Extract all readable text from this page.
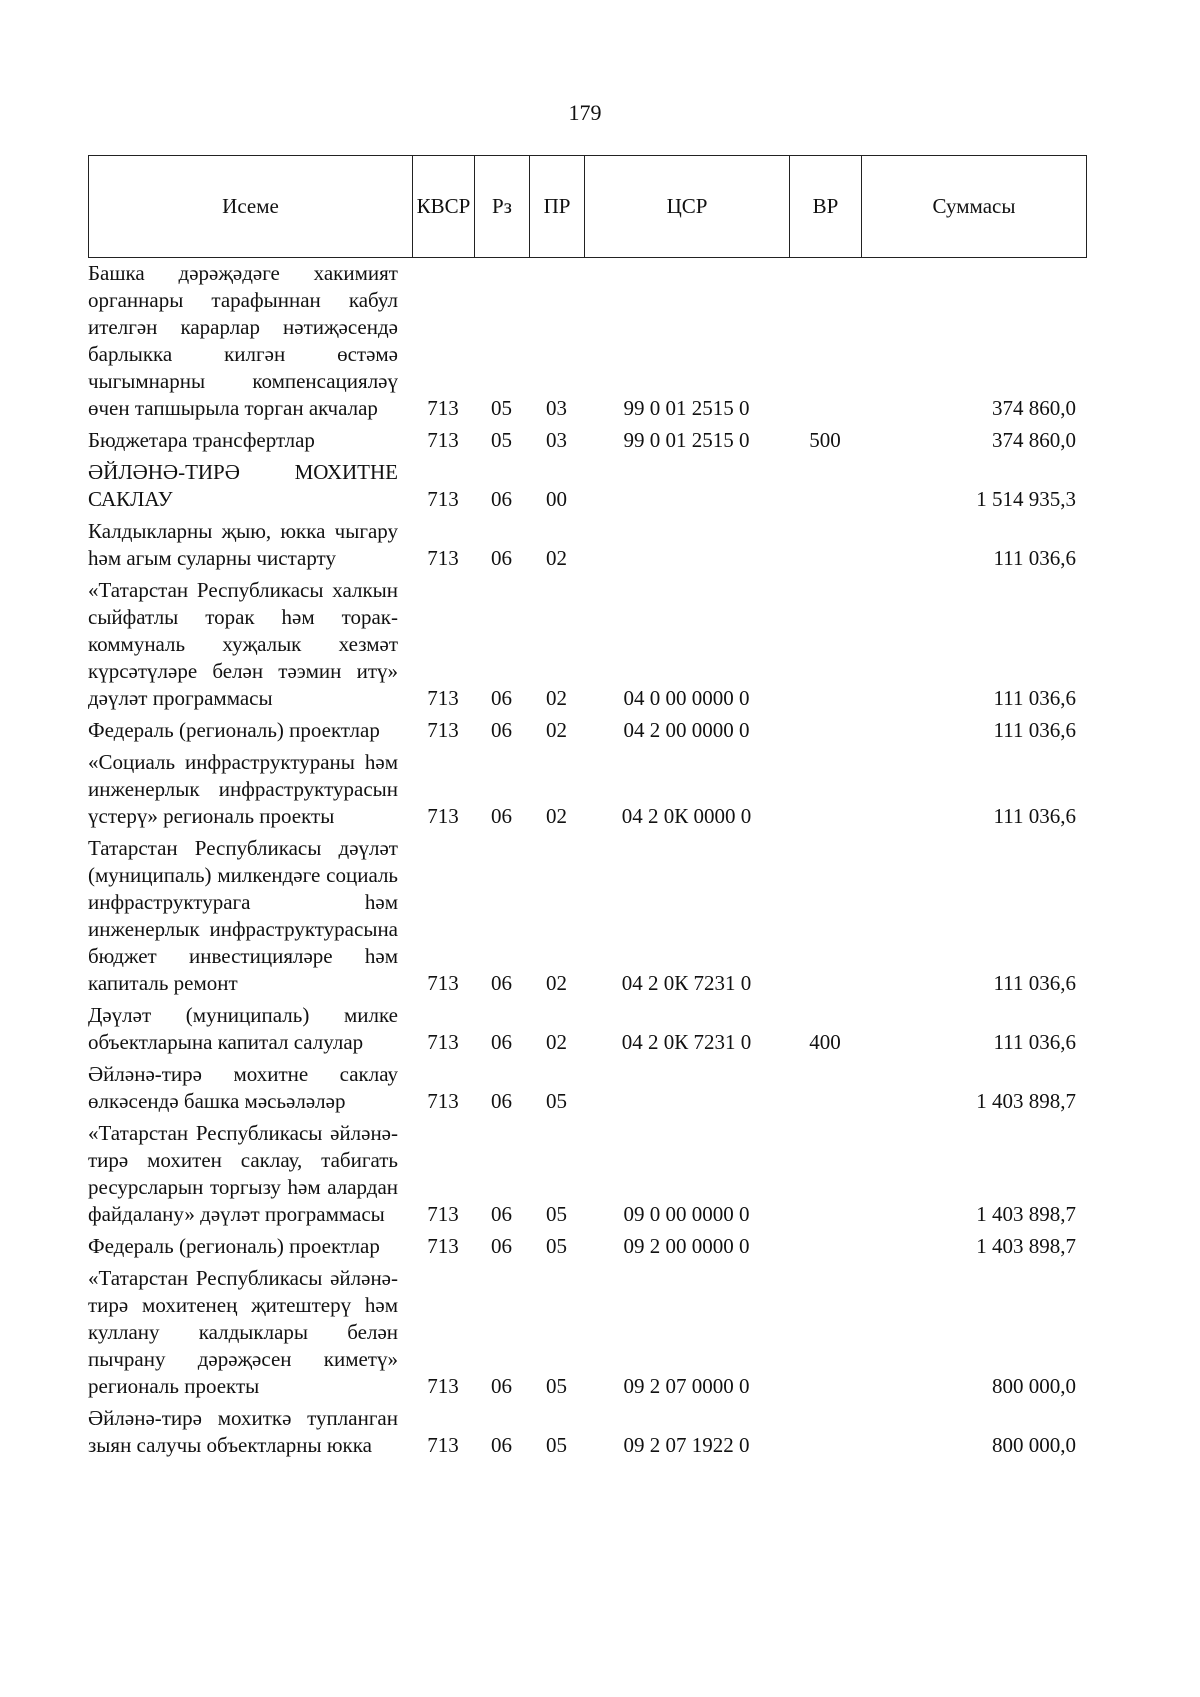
179
Исеме	КВСР	Рз	ПР	ЦСР	ВР	Суммасы
Башка дәрәҗәдәге хакимият органнары тарафыннан кабул ителгән карарлар нәтиҗәсендә барлыкка килгән өстәмә чыгымнарны компенсацияләү өчен тапшырыла торган акчалар	713	05	03	99 0 01 2515 0		374 860,0
Бюджетара трансфертлар	713	05	03	99 0 01 2515 0	500	374 860,0
ӘЙЛӘНӘ-ТИРӘ МОХИТНЕ САКЛАУ	713	06	00			1 514 935,3
Калдыкларны җыю, юкка чыгару һәм агым суларны чистарту	713	06	02			111 036,6
«Татарстан Республикасы халкын сыйфатлы торак һәм торак-коммуналь хуҗалык хезмәт күрсәтүләре белән тәэмин итү» дәүләт программасы	713	06	02	04 0 00 0000 0		111 036,6
Федераль (региональ) проектлар	713	06	02	04 2 00 0000 0		111 036,6
«Социаль инфраструктураны һәм инженерлык инфраструктурасын үстерү» региональ проекты	713	06	02	04 2 0К 0000 0		111 036,6
Татарстан Республикасы дәүләт (муниципаль) милкендәге социаль инфраструктурага һәм инженерлык инфраструктурасына бюджет инвестицияләре һәм капиталь ремонт	713	06	02	04 2 0К 7231 0		111 036,6
Дәүләт (муниципаль) милке объектларына капитал салулар	713	06	02	04 2 0К 7231 0	400	111 036,6
Әйләнә-тирә мохитне саклау өлкәсендә башка мәсьәләләр	713	06	05			1 403 898,7
«Татарстан Республикасы әйләнә-тирә мохитен саклау, табигать ресурсларын торгызу һәм алардан файдалану» дәүләт программасы	713	06	05	09 0 00 0000 0		1 403 898,7
Федераль (региональ) проектлар	713	06	05	09 2 00 0000 0		1 403 898,7
«Татарстан Республикасы әйләнә-тирә мохитенең җитештерү һәм куллану калдыклары белән пычрану дәрәҗәсен киметү» региональ проекты	713	06	05	09 2 07 0000 0		800 000,0
Әйләнә-тирә мохиткә тупланган зыян салучы объектларны юкка	713	06	05	09 2 07 1922 0		800 000,0
